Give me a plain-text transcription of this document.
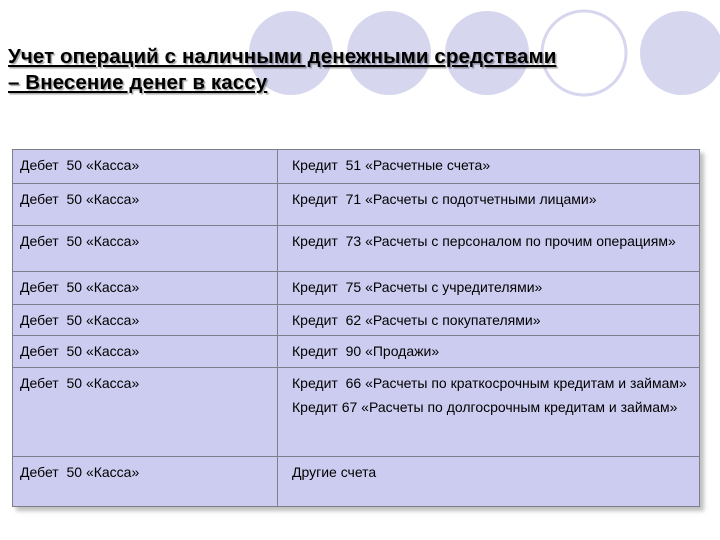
Учет операций с наличными денежными средствами
– Внесение денег в кассу
Дебет  50 «Касса»	Кредит  51 «Расчетные счета»
Дебет  50 «Касса»	Кредит  71 «Расчеты с подотчетными лицами»
Дебет  50 «Касса»	Кредит  73 «Расчеты с персоналом по прочим операциям»
Дебет  50 «Касса»	Кредит  75 «Расчеты с учредителями»
Дебет  50 «Касса»	Кредит  62 «Расчеты с покупателями»
Дебет  50 «Касса»	Кредит  90 «Продажи»
Дебет  50 «Касса»	Кредит  66 «Расчеты по краткосрочным кредитам и займам»
Кредит 67 «Расчеты по долгосрочным кредитам и займам»

Дебет  50 «Касса»	Другие счета
